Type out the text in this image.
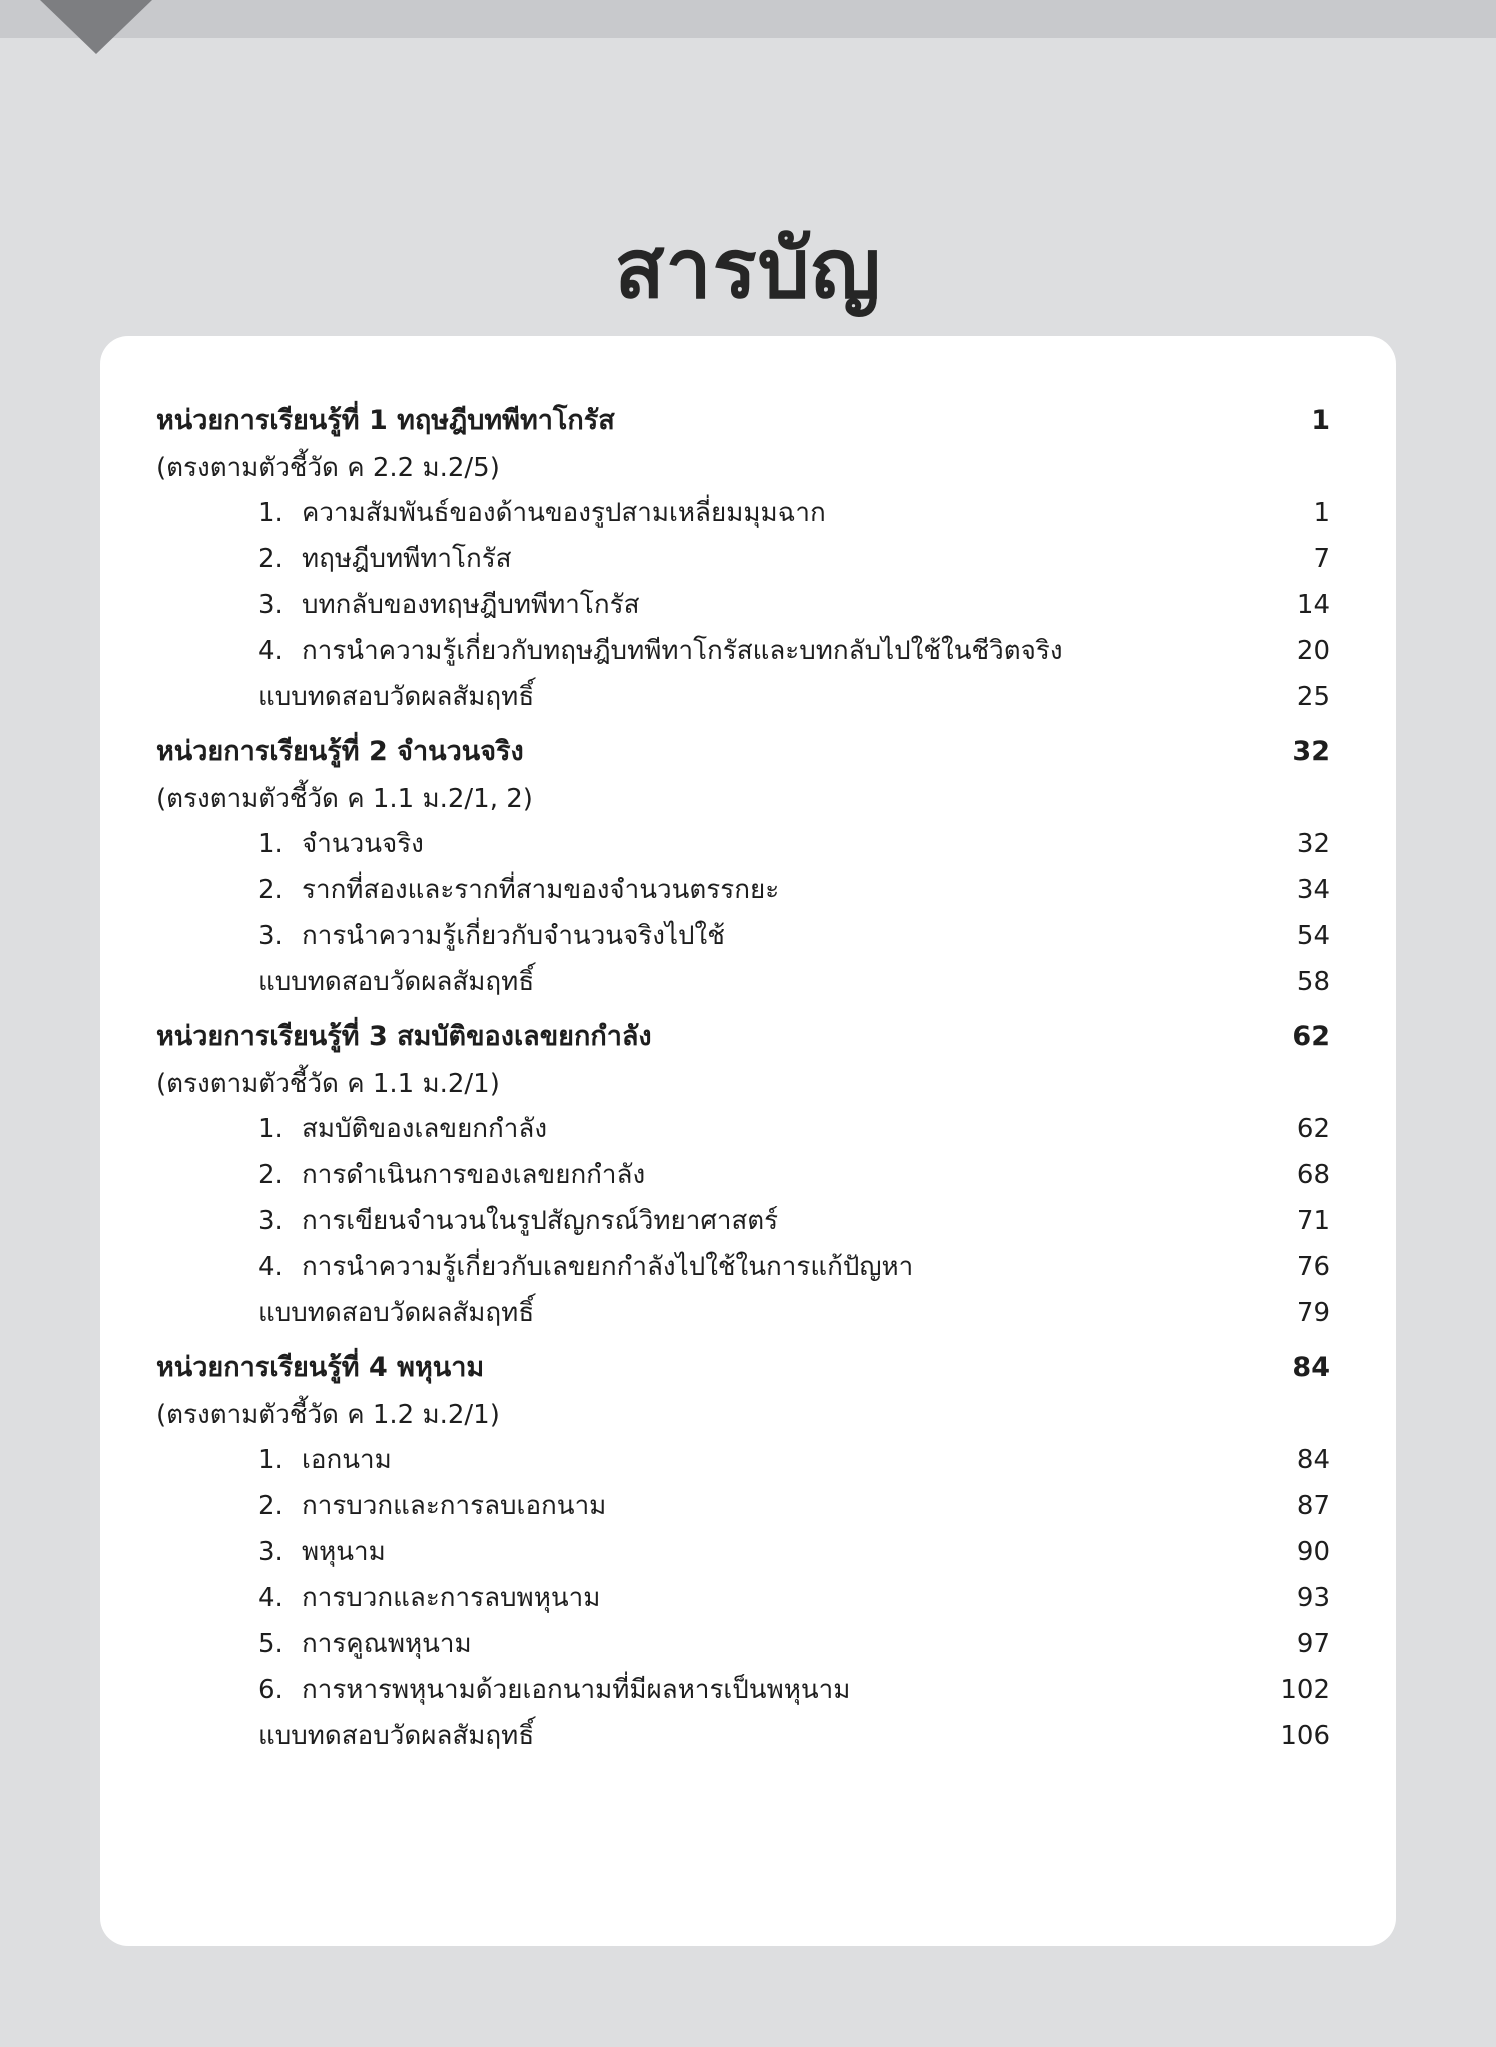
สารบัญ
หน่วยการเรียนรู้ที่ 1 ทฤษฎีบทพีทาโกรัส	1
(ตรงตามตัวชี้วัด ค 2.2 ม.2/5)
1. ความสัมพันธ์ของด้านของรูปสามเหลี่ยมมุมฉาก	1
2. ทฤษฎีบทพีทาโกรัส	7
3. บทกลับของทฤษฎีบทพีทาโกรัส	14
4. การนำความรู้เกี่ยวกับทฤษฎีบทพีทาโกรัสและบทกลับไปใช้ในชีวิตจริง	20
แบบทดสอบวัดผลสัมฤทธิ์	25
หน่วยการเรียนรู้ที่ 2 จำนวนจริง	32
(ตรงตามตัวชี้วัด ค 1.1 ม.2/1, 2)
1. จำนวนจริง	32
2. รากที่สองและรากที่สามของจำนวนตรรกยะ	34
3. การนำความรู้เกี่ยวกับจำนวนจริงไปใช้	54
แบบทดสอบวัดผลสัมฤทธิ์	58
หน่วยการเรียนรู้ที่ 3 สมบัติของเลขยกกำลัง	62
(ตรงตามตัวชี้วัด ค 1.1 ม.2/1)
1. สมบัติของเลขยกกำลัง	62
2. การดำเนินการของเลขยกกำลัง	68
3. การเขียนจำนวนในรูปสัญกรณ์วิทยาศาสตร์	71
4. การนำความรู้เกี่ยวกับเลขยกกำลังไปใช้ในการแก้ปัญหา	76
แบบทดสอบวัดผลสัมฤทธิ์	79
หน่วยการเรียนรู้ที่ 4 พหุนาม	84
(ตรงตามตัวชี้วัด ค 1.2 ม.2/1)
1. เอกนาม	84
2. การบวกและการลบเอกนาม	87
3. พหุนาม	90
4. การบวกและการลบพหุนาม	93
5. การคูณพหุนาม	97
6. การหารพหุนามด้วยเอกนามที่มีผลหารเป็นพหุนาม	102
แบบทดสอบวัดผลสัมฤทธิ์	106
